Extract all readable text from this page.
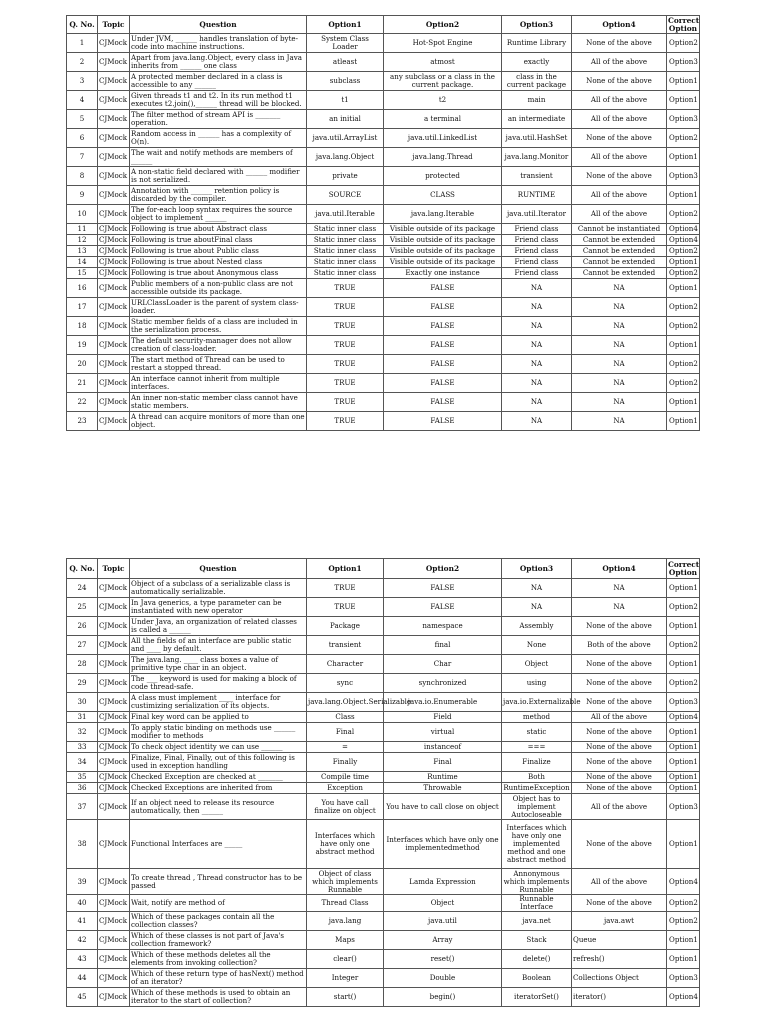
Q. No.	Topic	Question	Option1	Option2	Option3	Option4	Correct Option
1	CJMock	Under JVM, ______ handles translation of byte-code into machine instructions.	System Class Loader	Hot-Spot Engine	Runtime Library	None of the above	Option2
2	CJMock	Apart from java.lang.Object, every class in Java inherits from ______ one class	atleast	atmost	exactly	All of the above	Option3
3	CJMock	A protected member declared in a class is accessible to any ______	subclass	any subclass or a class in the current package.	class in the current package	None of the above	Option1
4	CJMock	Given threads t1 and t2. In its run method t1 executes t2.join(),______ thread will be blocked.	t1	t2	main	All of the above	Option1
5	CJMock	The filter method of stream API is _______ operation.	an initial	a terminal	an intermediate	All of the above	Option3
6	CJMock	Random access in ______ has a complexity of O(n).	java.util.ArrayList	java.util.LinkedList	java.util.HashSet	None of the above	Option2
7	CJMock	The wait and notify methods are members of ______	java.lang.Object	java.lang.Thread	java.lang.Monitor	All of the above	Option1
8	CJMock	A non-static field declared with ______ modifier is not serialized.	private	protected	transient	None of the above	Option3
9	CJMock	Annotation with ______ retention policy is discarded by the compiler.	SOURCE	CLASS	RUNTIME	All of the above	Option1
10	CJMock	The for-each loop syntax requires the source object to implement ______	java.util.Iterable	java.lang.Iterable	java.util.Iterator	All of the above	Option2
11	CJMock	Following is true about Abstract class	Static inner class	Visible outside of its package	Friend class	Cannot be instantiated	Option4
12	CJMock	Following is true aboutFinal class	Static inner class	Visible outside of its package	Friend class	Cannot be extended	Option4
13	CJMock	Following is true about Public class	Static inner class	Visible outside of its package	Friend class	Cannot be extended	Option2
14	CJMock	Following is true about Nested class	Static inner class	Visible outside of its package	Friend class	Cannot be extended	Option1
15	CJMock	Following is true about Anonymous class	Static inner class	Exactly one instance	Friend class	Cannot be extended	Option2
16	CJMock	Public members of a non-public class are not accessible outside its package.	TRUE	FALSE	NA	NA	Option1
17	CJMock	URLClassLoader is the parent of system class-loader.	TRUE	FALSE	NA	NA	Option2
18	CJMock	Static member fields of a class are included in the serialization process.	TRUE	FALSE	NA	NA	Option2
19	CJMock	The default security-manager does not allow creation of class-loader.	TRUE	FALSE	NA	NA	Option1
20	CJMock	The start method of Thread can be used to restart a stopped thread.	TRUE	FALSE	NA	NA	Option2
21	CJMock	An interface cannot inherit from multiple interfaces.	TRUE	FALSE	NA	NA	Option2
22	CJMock	An inner non-static member class cannot have static members.	TRUE	FALSE	NA	NA	Option1
23	CJMock	A thread can acquire monitors of more than one object.	TRUE	FALSE	NA	NA	Option1
Q. No.	Topic	Question	Option1	Option2	Option3	Option4	Correct Option
24	CJMock	Object of a subclass of a serializable class is automatically serializable.	TRUE	FALSE	NA	NA	Option1
25	CJMock	In Java generics, a type parameter can be instantiated with new operator	TRUE	FALSE	NA	NA	Option2
26	CJMock	Under Java, an organization of related classes is called a ______	Package	namespace	Assembly	None of the above	Option1
27	CJMock	All the fields of an interface are public static and ____ by default.	transient	final	None	Both of the above	Option2
28	CJMock	The java.lang. ____ class boxes a value of primitive type char in an object.	Character	Char	Object	None of the above	Option1
29	CJMock	The ___ keyword is used for making a block of code thread-safe.	sync	synchronized	using	None of the above	Option2
30	CJMock	A class must implement ____ interface for custimizing serialization of its objects.	java.lang.Object.Serializable	java.io.Enumerable	java.io.Externalizable	None of the above	Option3
31	CJMock	Final key word can be applied to	Class	Field	method	All of the above	Option4
32	CJMock	To apply static binding on methods use ______ modifier to methods	Final	virtual	static	None of the above	Option1
33	CJMock	To check object identity we can use ______	=	instanceof	===	None of the above	Option1
34	CJMock	Finalize, Final, Finally, out of this following is used in exception handling	Finally	Final	Finalize	None of the above	Option1
35	CJMock	Checked Exception are checked at _______	Compile time	Runtime	Both	None of the above	Option1
36	CJMock	Checked Exceptions are inherited from	Exception	Throwable	RuntimeException	None of the above	Option1
37	CJMock	If an object need to release its resource automatically, then ______	You have call finalize on object	You have to call close on object	Object has to implement Autocloseable	All of the above	Option3
38	CJMock	Functional Interfaces are _____	Interfaces which have only one abstract method	Interfaces which have only one implementedmethod	Interfaces which have only one implemented method and one abstract method	None of the above	Option1
39	CJMock	To create thread , Thread constructor has to be passed	Object of class which implements Runnable	Lamda Expression	Annonymous which implements Runnable	All of the above	Option4
40	CJMock	Wait, notify are method of	Thread Class	Object	Runnable Interface	None of the above	Option2
41	CJMock	Which of these packages contain all the collection classes?	java.lang	java.util	java.net	java.awt	Option2
42	CJMock	Which of these classes is not part of Java's collection framework?	Maps	Array	Stack	Queue	Option1
43	CJMock	Which of these methods deletes all the elements from invoking collection?	clear()	reset()	delete()	refresh()	Option1
44	CJMock	Which of these return type of hasNext() method of an iterator?	Integer	Double	Boolean	Collections Object	Option3
45	CJMock	Which of these methods is used to obtain an iterator to the start of collection?	start()	begin()	iteratorSet()	iterator()	Option4
